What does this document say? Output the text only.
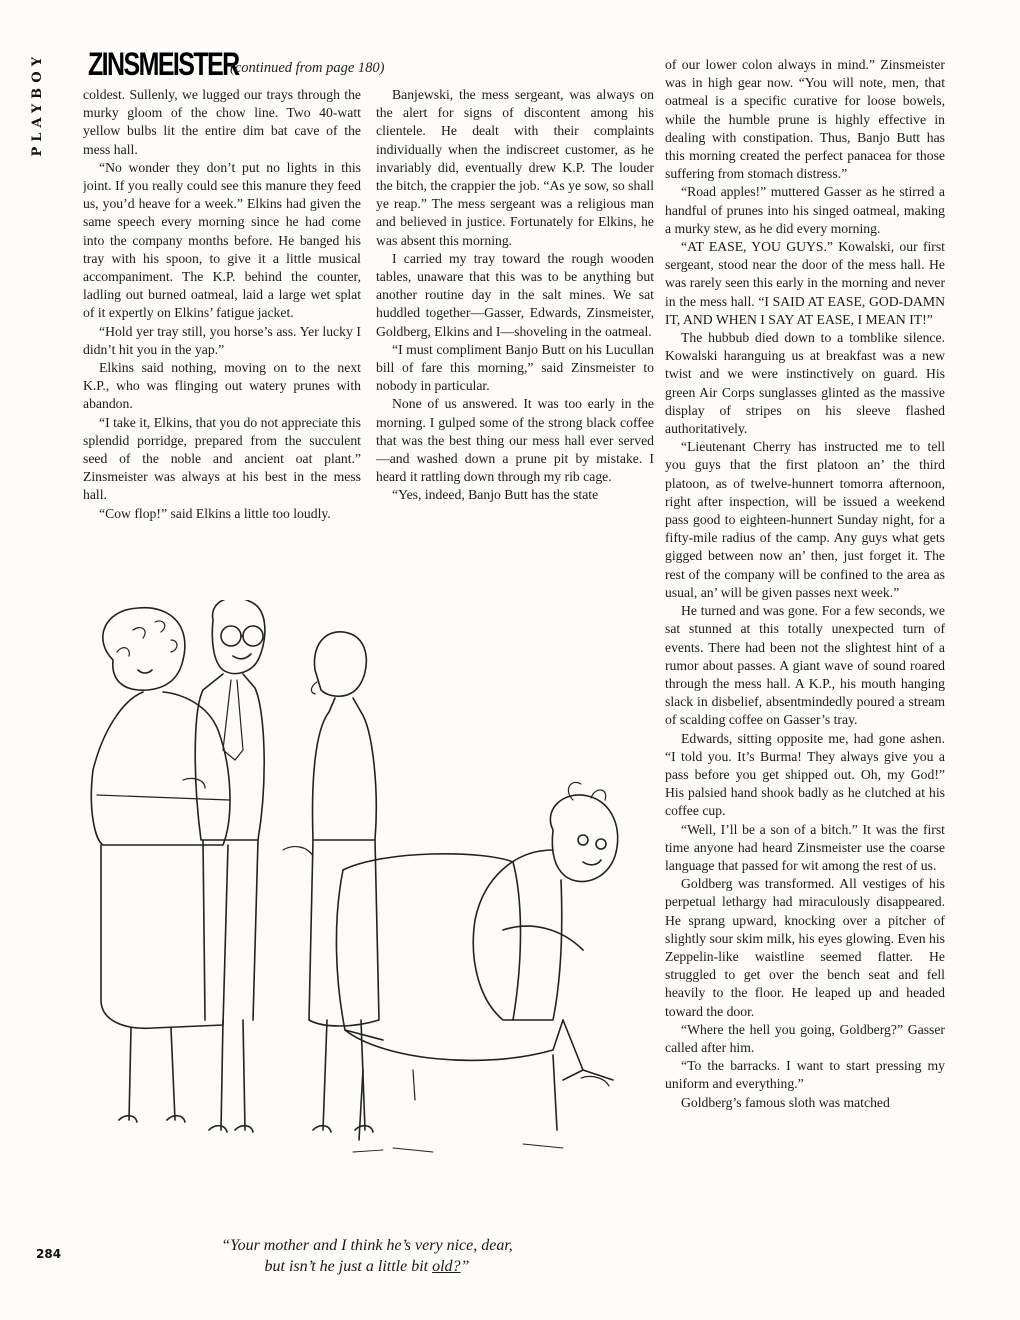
PLAYBOY ZINSMEISTER
(continued from page 180)

coldest. Sullenly, we lugged our trays through the murky gloom of the chow line. Two 40-watt yellow bulbs lit the entire dim bat cave of the mess hall.

“No wonder they don’t put no lights in this joint. If you really could see this manure they feed us, you’d heave for a week.” Elkins had given the same speech every morning since he had come into the company months before. He banged his tray with his spoon, to give it a little musical accompaniment. The K.P. behind the counter, ladling out burned oatmeal, laid a large wet splat of it expertly on Elkins’ fatigue jacket.

“Hold yer tray still, you horse’s ass. Yer lucky I didn’t hit you in the yap.”

Elkins said nothing, moving on to the next K.P., who was flinging out watery prunes with abandon.

“I take it, Elkins, that you do not appreciate this splendid porridge, prepared from the succulent seed of the noble and ancient oat plant.” Zinsmeister was always at his best in the mess hall.

“Cow flop!” said Elkins a little too loudly.

Banjewski, the mess sergeant, was always on the alert for signs of discontent among his clientele. He dealt with their complaints individually when the indiscreet customer, as he invariably did, eventually drew K.P. The louder the bitch, the crappier the job. “As ye sow, so shall ye reap.” The mess sergeant was a religious man and believed in justice. Fortunately for Elkins, he was absent this morning.

I carried my tray toward the rough wooden tables, unaware that this was to be anything but another routine day in the salt mines. We sat huddled together—Gasser, Edwards, Zinsmeister, Goldberg, Elkins and I—shoveling in the oatmeal.

“I must compliment Banjo Butt on his Lucullan bill of fare this morning,” said Zinsmeister to nobody in particular.

None of us answered. It was too early in the morning. I gulped some of the strong black coffee that was the best thing our mess hall ever served—and washed down a prune pit by mistake. I heard it rattling down through my rib cage.

“Yes, indeed, Banjo Butt has the state

of our lower colon always in mind.” Zinsmeister was in high gear now. “You will note, men, that oatmeal is a specific curative for loose bowels, while the humble prune is highly effective in dealing with constipation. Thus, Banjo Butt has this morning created the perfect panacea for those suffering from stomach distress.”

“Road apples!” muttered Gasser as he stirred a handful of prunes into his singed oatmeal, making a murky stew, as he did every morning.

“AT EASE, YOU GUYS.” Kowalski, our first sergeant, stood near the door of the mess hall. He was rarely seen this early in the morning and never in the mess hall. “I SAID AT EASE, GOD-DAMN IT, AND WHEN I SAY AT EASE, I MEAN IT!”

The hubbub died down to a tomblike silence. Kowalski haranguing us at breakfast was a new twist and we were instinctively on guard. His green Air Corps sunglasses glinted as the massive display of stripes on his sleeve flashed authoritatively.

“Lieutenant Cherry has instructed me to tell you guys that the first platoon an’ the third platoon, as of twelve-hunnert tomorra afternoon, right after inspection, will be issued a weekend pass good to eighteen-hunnert Sunday night, for a fifty-mile radius of the camp. Any guys what gets gigged between now an’ then, just forget it. The rest of the company will be confined to the area as usual, an’ will be given passes next week.”

He turned and was gone. For a few seconds, we sat stunned at this totally unexpected turn of events. There had been not the slightest hint of a rumor about passes. A giant wave of sound roared through the mess hall. A K.P., his mouth hanging slack in disbelief, absentmindedly poured a stream of scalding coffee on Gasser’s tray.

Edwards, sitting opposite me, had gone ashen. “I told you. It’s Burma! They always give you a pass before you get shipped out. Oh, my God!” His palsied hand shook badly as he clutched at his coffee cup.

“Well, I’ll be a son of a bitch.” It was the first time anyone had heard Zinsmeister use the coarse language that passed for wit among the rest of us.

Goldberg was transformed. All vestiges of his perpetual lethargy had miraculously disappeared. He sprang upward, knocking over a pitcher of slightly sour skim milk, his eyes glowing. Even his Zeppelin-like waistline seemed flatter. He struggled to get over the bench seat and fell heavily to the floor. He leaped up and headed toward the door.

“Where the hell you going, Goldberg?” Gasser called after him.

“To the barracks. I want to start pressing my uniform and everything.”

Goldberg’s famous sloth was matched

“Your mother and I think he’s very nice, dear,
but isn’t he just a little bit old?”
284
